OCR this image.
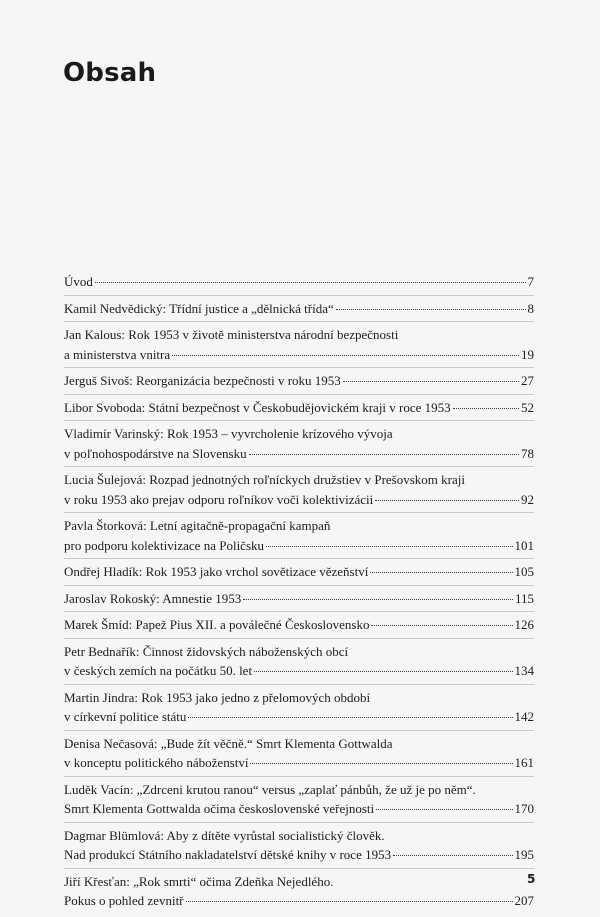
Obsah
Úvod	7
Kamil Nedvědický: Třídní justice a „dělnická třída“	8
Jan Kalous: Rok 1953 v životě ministerstva národní bezpečnosti
a ministerstva vnitra	19
Jerguš Sivoš: Reorganizácia bezpečnosti v roku 1953	27
Libor Svoboda: Státní bezpečnost v Českobudějovickém kraji v roce 1953	52
Vladimír Varinský: Rok 1953 – vyvrcholenie krízového vývoja
v poľnohospodárstve na Slovensku	78
Lucia Šulejová: Rozpad jednotných roľníckych družstiev v Prešovskom kraji
v roku 1953 ako prejav odporu roľníkov voči kolektivizácii	92
Pavla Štorková: Letní agitačně-propagační kampaň
pro podporu kolektivizace na Poličsku	101
Ondřej Hladík: Rok 1953 jako vrchol sovětizace vězeňství	105
Jaroslav Rokoský: Amnestie 1953	115
Marek Šmíd: Papež Pius XII. a poválečné Československo	126
Petr Bednařík: Činnost židovských náboženských obcí
v českých zemích na počátku 50. let	134
Martin Jindra: Rok 1953 jako jedno z přelomových období
v církevní politice státu	142
Denisa Nečasová: „Bude žít věčně.“ Smrt Klementa Gottwalda
v konceptu politického náboženství	161
Luděk Vacín: „Zdrceni krutou ranou“ versus „zaplať pánbůh, že už je po něm“.
Smrt Klementa Gottwalda očima československé veřejnosti	170
Dagmar Blümlová: Aby z dítěte vyrůstal socialistický člověk.
Nad produkcí Státního nakladatelství dětské knihy v roce 1953	195
Jiří Křesťan: „Rok smrti“ očima Zdeňka Nejedlého.
Pokus o pohled zevnitř	207
5
